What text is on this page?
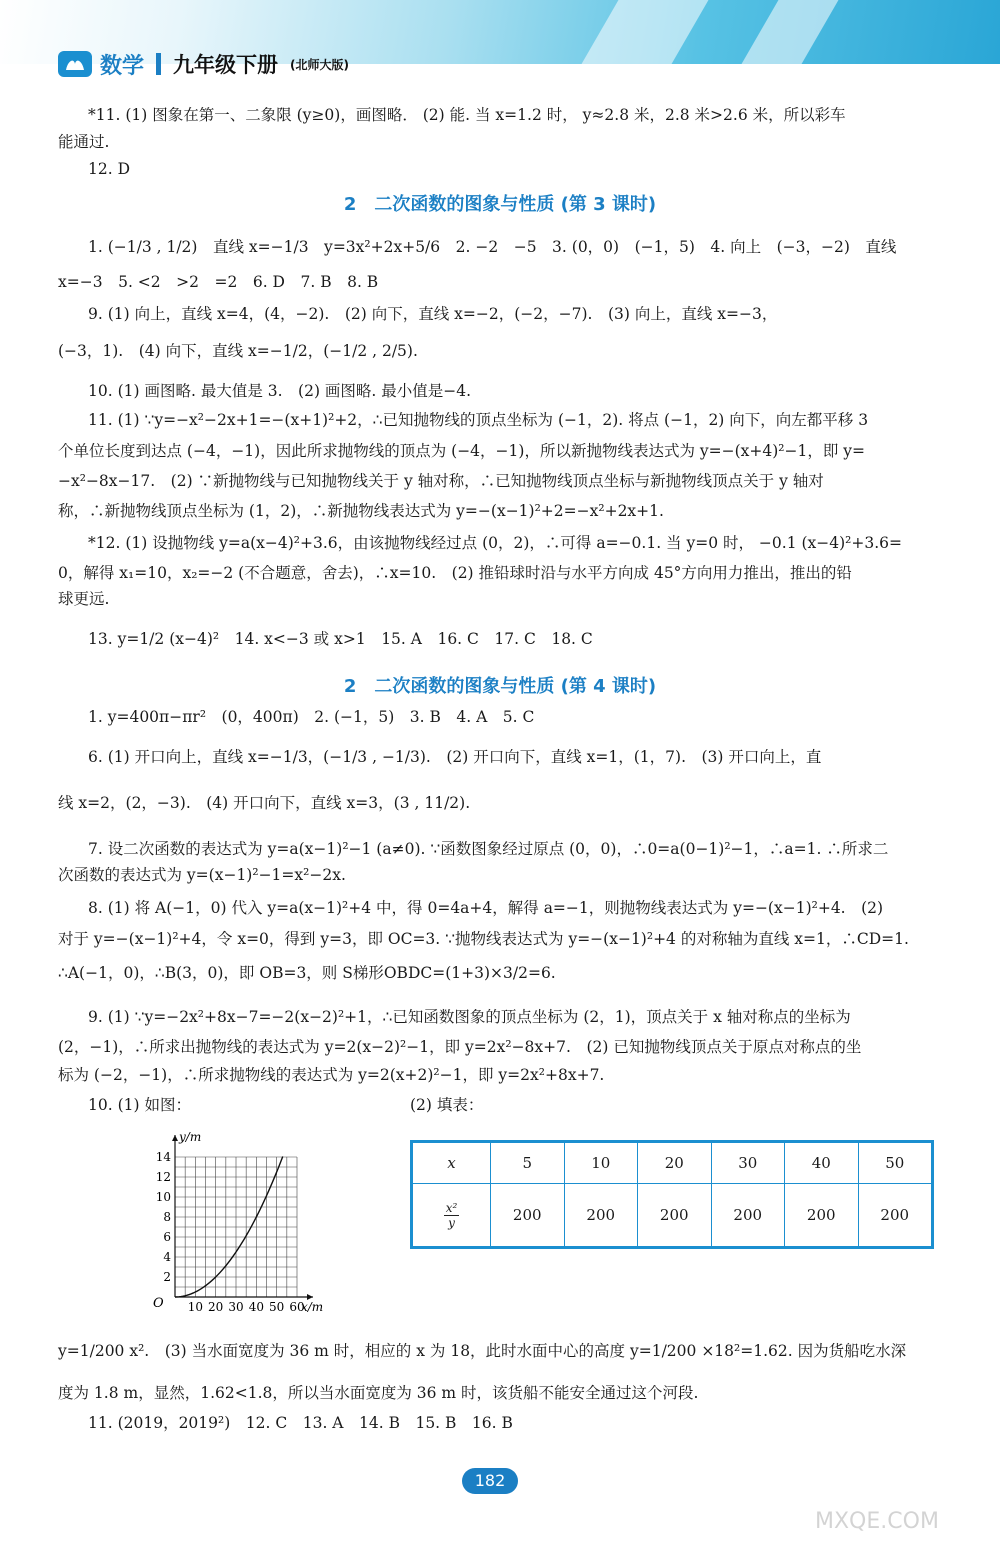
数学 九年级下册 (北师大版)
*11. (1) 图象在第一、二象限 (y≥0)，画图略． (2) 能. 当 x=1.2 时， y≈2.8 米，2.8 米>2.6 米，所以彩车
能通过.
12. D
2　二次函数的图象与性质 (第 3 课时)
1. (−1/3 , 1/2)　直线 x=−1/3　y=3x²+2x+5/6　2. −2　−5　3. (0，0)　(−1，5)　4. 向上　(−3，−2)　直线
x=−3　5. <2　>2　=2　6. D　7. B　8. B
9. (1) 向上，直线 x=4，(4，−2).　(2) 向下，直线 x=−2，(−2，−7).　(3) 向上，直线 x=−3，
(−3，1).　(4) 向下，直线 x=−1/2，(−1/2 , 2/5).
10. (1) 画图略. 最大值是 3.　(2) 画图略. 最小值是−4.
11. (1) ∵y=−x²−2x+1=−(x+1)²+2，∴已知抛物线的顶点坐标为 (−1，2). 将点 (−1，2) 向下，向左都平移 3
个单位长度到达点 (−4，−1)，因此所求抛物线的顶点为 (−4，−1)，所以新抛物线表达式为 y=−(x+4)²−1，即 y=
−x²−8x−17.　(2) ∵新抛物线与已知抛物线关于 y 轴对称，∴已知抛物线顶点坐标与新抛物线顶点关于 y 轴对
称，∴新抛物线顶点坐标为 (1，2)，∴新抛物线表达式为 y=−(x−1)²+2=−x²+2x+1.
*12. (1) 设抛物线 y=a(x−4)²+3.6，由该抛物线经过点 (0，2)，∴可得 a=−0.1. 当 y=0 时， −0.1 (x−4)²+3.6=
0，解得 x₁=10，x₂=−2 (不合题意，舍去)，∴x=10.　(2) 推铅球时沿与水平方向成 45°方向用力推出，推出的铅
球更远.
13. y=1/2 (x−4)²　14. x<−3 或 x>1　15. A　16. C　17. C　18. C
2　二次函数的图象与性质 (第 4 课时)
1. y=400π−πr²　(0，400π)　2. (−1，5)　3. B　4. A　5. C
6. (1) 开口向上，直线 x=−1/3，(−1/3 , −1/3).　(2) 开口向下，直线 x=1，(1，7).　(3) 开口向上，直
线 x=2，(2，−3).　(4) 开口向下，直线 x=3，(3 , 11/2).
7. 设二次函数的表达式为 y=a(x−1)²−1 (a≠0). ∵函数图象经过原点 (0，0)，∴0=a(0−1)²−1，∴a=1. ∴所求二
次函数的表达式为 y=(x−1)²−1=x²−2x.
8. (1) 将 A(−1，0) 代入 y=a(x−1)²+4 中，得 0=4a+4，解得 a=−1，则抛物线表达式为 y=−(x−1)²+4.　(2)
对于 y=−(x−1)²+4，令 x=0，得到 y=3，即 OC=3. ∵抛物线表达式为 y=−(x−1)²+4 的对称轴为直线 x=1，∴CD=1.
∴A(−1，0)，∴B(3，0)，即 OB=3，则 S梯形OBDC=(1+3)×3/2=6.
9. (1) ∵y=−2x²+8x−7=−2(x−2)²+1，∴已知函数图象的顶点坐标为 (2，1)，顶点关于 x 轴对称点的坐标为
(2，−1)，∴所求出抛物线的表达式为 y=2(x−2)²−1，即 y=2x²−8x+7.　(2) 已知抛物线顶点关于原点对称点的坐
标为 (−2，−1)，∴所求抛物线的表达式为 y=2(x+2)²−1，即 y=2x²+8x+7.
10. (1) 如图：	(2) 填表：
10 20 30 40 50 60
2
4
6
8
10
12
14
y/m
x/m
O
x	5	10	20	30	40	50

$\frac{\text{x²}}{y}$	200	200	200	200	200	200
y=1/200 x².　(3) 当水面宽度为 36 m 时，相应的 x 为 18，此时水面中心的高度 y=1/200 ×18²=1.62. 因为货船吃水深
度为 1.8 m，显然，1.62<1.8，所以当水面宽度为 36 m 时，该货船不能安全通过这个河段.
11. (2019，2019²)　12. C　13. A　14. B　15. B　16. B
182
MXQE.COM
